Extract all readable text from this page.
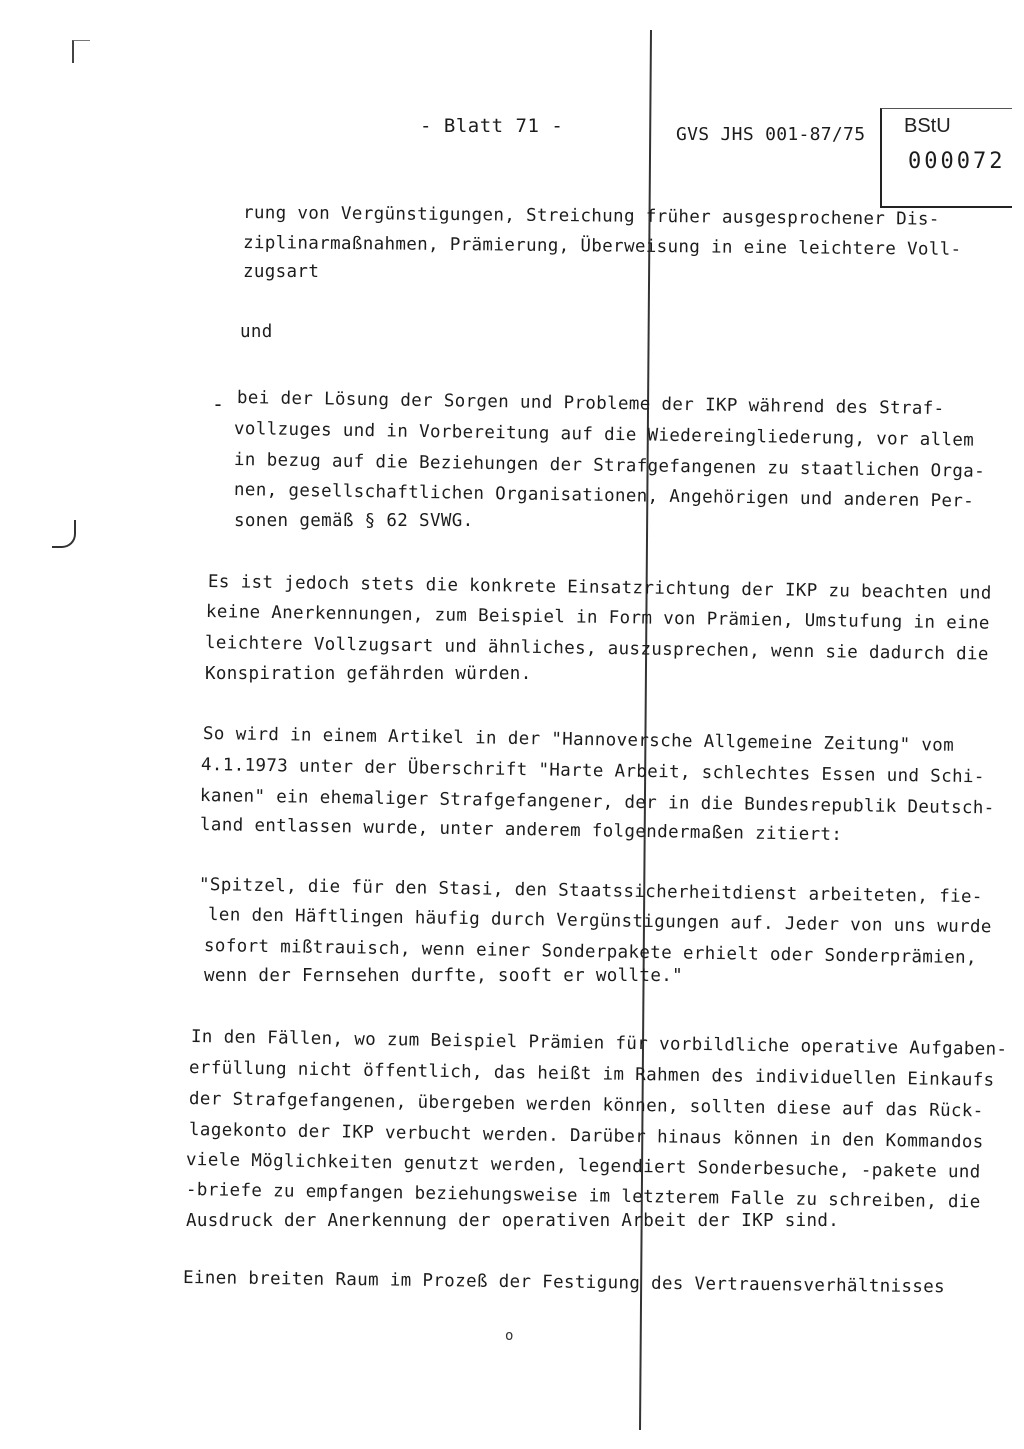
- Blatt 71 -	GVS JHS 001-87/75 BStU
000072
-
rung von Vergünstigungen, Streichung früher ausgesprochener Dis-
ziplinarmaßnahmen, Prämierung, Überweisung in eine leichtere Voll-
zugsart
und
bei der Lösung der Sorgen und Probleme der IKP während des Straf-
vollzuges und in Vorbereitung auf die Wiedereingliederung, vor allem
in bezug auf die Beziehungen der Strafgefangenen zu staatlichen Orga-
nen, gesellschaftlichen Organisationen, Angehörigen und anderen Per-
sonen gemäß § 62 SVWG.
Es ist jedoch stets die konkrete Einsatzrichtung der IKP zu beachten und
keine Anerkennungen, zum Beispiel in Form von Prämien, Umstufung in eine
leichtere Vollzugsart und ähnliches, auszusprechen, wenn sie dadurch die
Konspiration gefährden würden.
So wird in einem Artikel in der "Hannoversche Allgemeine Zeitung" vom
4.1.1973 unter der Überschrift "Harte Arbeit, schlechtes Essen und Schi-
kanen" ein ehemaliger Strafgefangener, der in die Bundesrepublik Deutsch-
land entlassen wurde, unter anderem folgendermaßen zitiert:
"Spitzel, die für den Stasi, den Staatssicherheitdienst arbeiteten, fie-
len den Häftlingen häufig durch Vergünstigungen auf. Jeder von uns wurde
sofort mißtrauisch, wenn einer Sonderpakete erhielt oder Sonderprämien,
wenn der Fernsehen durfte, sooft er wollte."
In den Fällen, wo zum Beispiel Prämien für vorbildliche operative Aufgaben-
erfüllung nicht öffentlich, das heißt im Rahmen des individuellen Einkaufs
der Strafgefangenen, übergeben werden können, sollten diese auf das Rück-
lagekonto der IKP verbucht werden. Darüber hinaus können in den Kommandos
viele Möglichkeiten genutzt werden, legendiert Sonderbesuche, -pakete und
-briefe zu empfangen beziehungsweise im letzterem Falle zu schreiben, die
Ausdruck der Anerkennung der operativen Arbeit der IKP sind.
Einen breiten Raum im Prozeß der Festigung des Vertrauensverhältnisses
o
